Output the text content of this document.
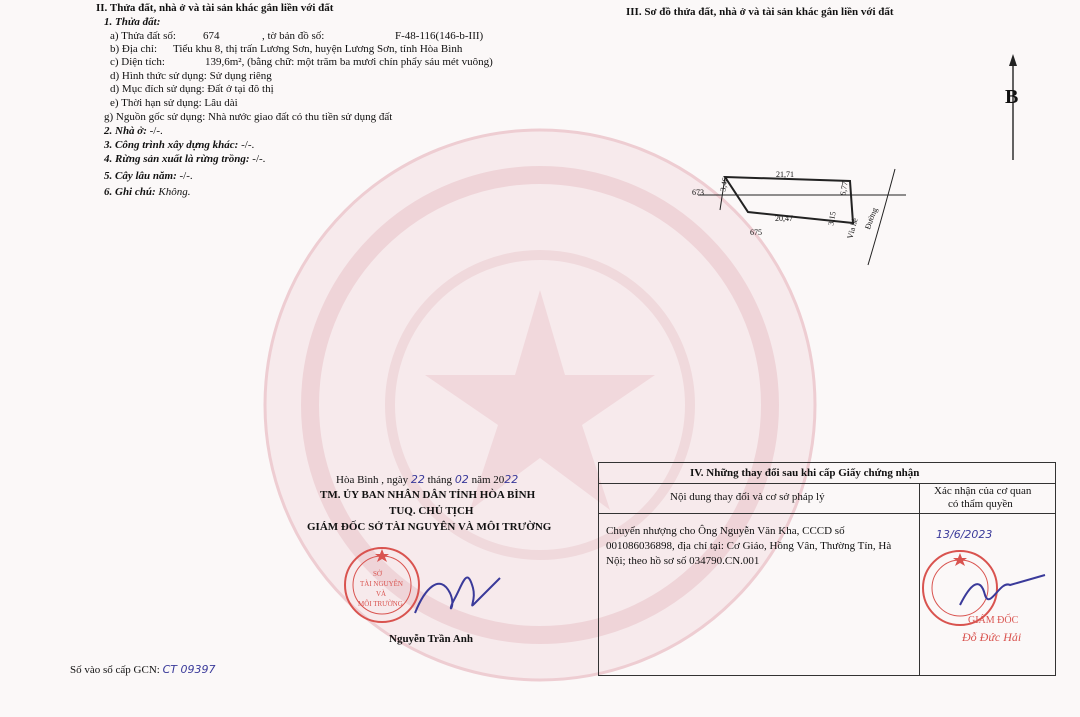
II. Thửa đất, nhà ở và tài sản khác gắn liền với đất
1. Thửa đất:
a) Thửa đất số: 674	, tờ bản đồ số:	F-48-116(146-b-III)
b) Địa chỉ: Tiểu khu 8, thị trấn Lương Sơn, huyện Lương Sơn, tỉnh Hòa Bình
c) Diện tích:	139,6m², (bằng chữ: một trăm ba mươi chín phẩy sáu mét vuông)
d) Hình thức sử dụng: Sử dụng riêng
d) Mục đích sử dụng: Đất ở tại đô thị
e) Thời hạn sử dụng: Lâu dài
g) Nguồn gốc sử dụng: Nhà nước giao đất có thu tiền sử dụng đất
2. Nhà ở: -/-.
3. Công trình xây dựng khác: -/-.
4. Rừng sản xuất là rừng trồng: -/-.
5. Cây lâu năm: -/-.
6. Ghi chú: Không.
III. Sơ đồ thửa đất, nhà ở và tài sản khác gắn liền với đất
B
21,71
3,46	6,77
20,47	3,15
673
675	Vỉa hè Đường
Hòa Bình , ngày 22 tháng 02 năm 2022
TM. ỦY BAN NHÂN DÂN TỈNH HÒA BÌNH
TUQ. CHỦ TỊCH
GIÁM ĐỐC SỞ TÀI NGUYÊN VÀ MÔI TRƯỜNG
SỞ
TÀI NGUYÊN
VÀ
MÔI TRƯỜNG
Nguyễn Trần Anh
Số vào sổ cấp GCN: CT 09397
IV. Những thay đổi sau khi cấp Giấy chứng nhận
Nội dung thay đổi và cơ sở pháp lý	Xác nhận của cơ quan
có thẩm quyền
Chuyển nhượng cho Ông Nguyễn Văn Kha, CCCD số
001086036898, địa chỉ tại: Cơ Giáo, Hồng Vân, Thường Tín, Hà
Nội; theo hồ sơ số 034790.CN.001
13/6/2023
GIÁM ĐỐC
Đỗ Đức Hải
